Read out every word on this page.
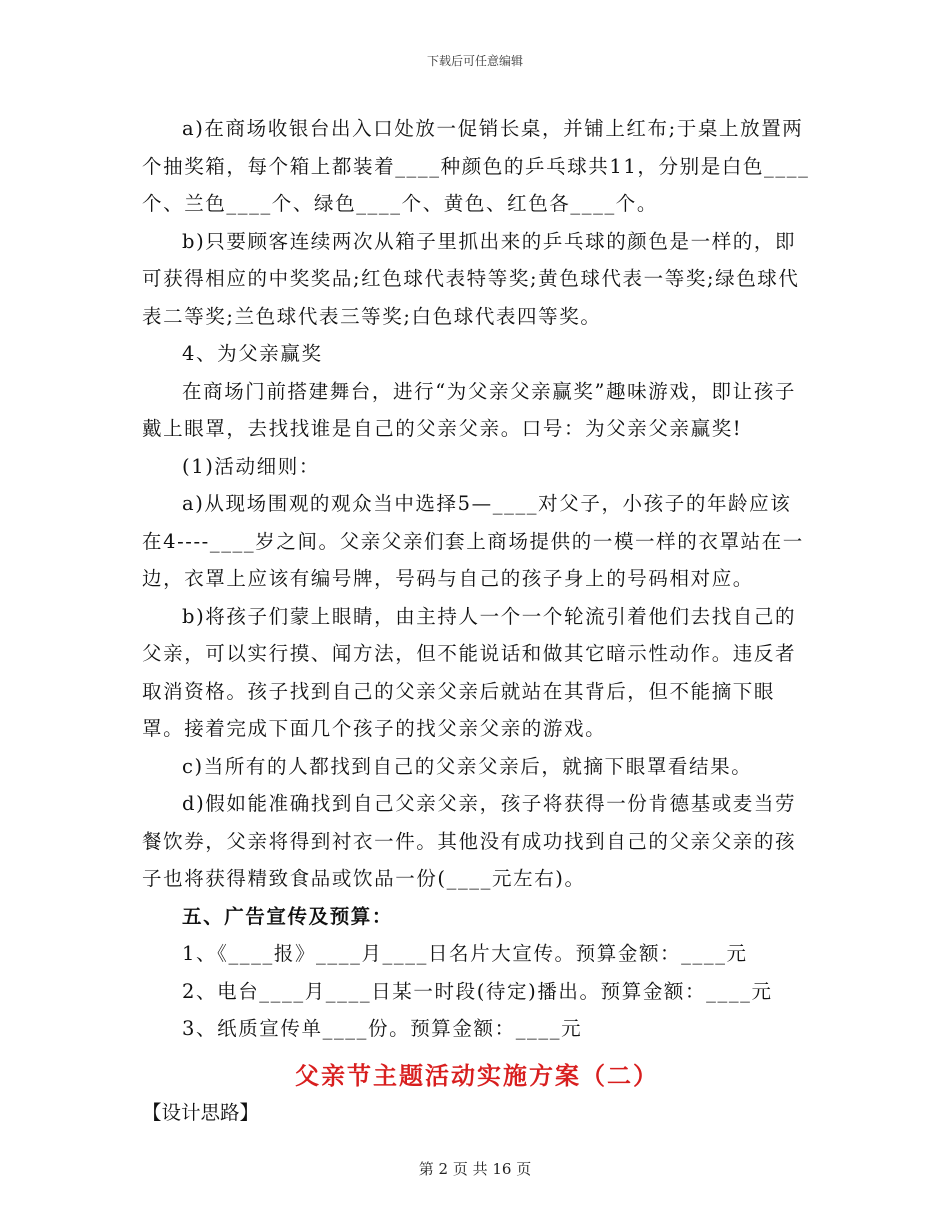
下载后可任意编辑

a)在商场收银台出入口处放一促销长桌，并铺上红布;于桌上放置两个抽奖箱，每个箱上都装着____种颜色的乒乓球共11，分别是白色____个、兰色____个、绿色____个、黄色、红色各____个。

b)只要顾客连续两次从箱子里抓出来的乒乓球的颜色是一样的，即可获得相应的中奖奖品;红色球代表特等奖;黄色球代表一等奖;绿色球代表二等奖;兰色球代表三等奖;白色球代表四等奖。

4、为父亲赢奖

在商场门前搭建舞台，进行“为父亲父亲赢奖”趣味游戏，即让孩子戴上眼罩，去找找谁是自己的父亲父亲。口号：为父亲父亲赢奖!

(1)活动细则：

a)从现场围观的观众当中选择5—____对父子，小孩子的年龄应该在4----____岁之间。父亲父亲们套上商场提供的一模一样的衣罩站在一边，衣罩上应该有编号牌，号码与自己的孩子身上的号码相对应。

b)将孩子们蒙上眼睛，由主持人一个一个轮流引着他们去找自己的父亲，可以实行摸、闻方法，但不能说话和做其它暗示性动作。违反者取消资格。孩子找到自己的父亲父亲后就站在其背后，但不能摘下眼罩。接着完成下面几个孩子的找父亲父亲的游戏。

c)当所有的人都找到自己的父亲父亲后，就摘下眼罩看结果。

d)假如能准确找到自己父亲父亲，孩子将获得一份肯德基或麦当劳餐饮券，父亲将得到衬衣一件。其他没有成功找到自己的父亲父亲的孩子也将获得精致食品或饮品一份(____元左右)。

五、广告宣传及预算：

1、《____报》____月____日名片大宣传。预算金额：____元

2、电台____月____日某一时段(待定)播出。预算金额：____元

3、纸质宣传单____份。预算金额：____元

父亲节主题活动实施方案（二）

【设计思路】

第 2 页 共 16 页
